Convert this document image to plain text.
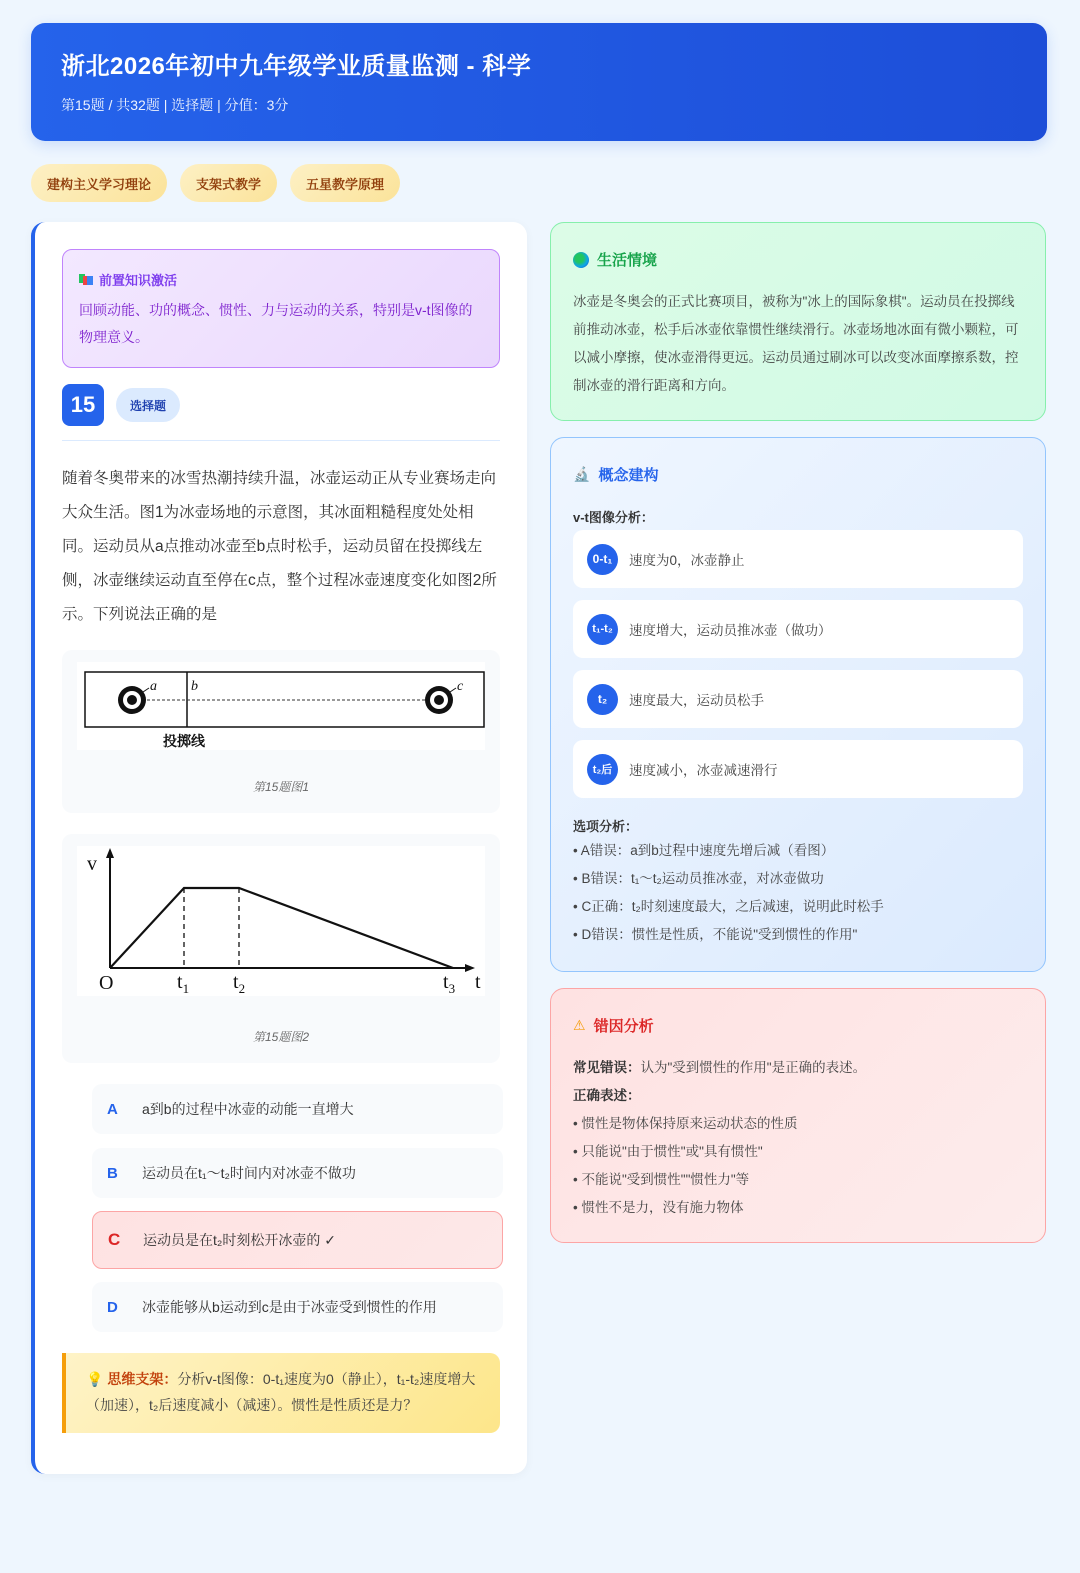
浙北2026年初中九年级学业质量监测 - 科学
第15题 / 共32题 | 选择题 | 分值：3分
建构主义学习理论	支架式教学	五星教学原理
前置知识激活
回顾动能、功的概念、惯性、力与运动的关系，特别是v-t图像的物理意义。
15	选择题
随着冬奥带来的冰雪热潮持续升温，冰壶运动正从专业赛场走向大众生活。图1为冰壶场地的示意图，其冰面粗糙程度处处相同。运动员从a点推动冰壶至b点时松手，运动员留在投掷线左侧，冰壶继续运动直至停在c点，整个过程冰壶速度变化如图2所示。下列说法正确的是
a b	c
投掷线
第15题图1
v
O	$t_1$ $t_2$	$t_3$ t
第15题图2
A	a到b的过程中冰壶的动能一直增大
B	运动员在t₁～t₂时间内对冰壶不做功
C	运动员是在t₂时刻松开冰壶的 ✓
D	冰壶能够从b运动到c是由于冰壶受到惯性的作用
💡 思维支架：分析v-t图像：0-t₁速度为0（静止），t₁-t₂速度增大（加速），t₂后速度减小（减速）。惯性是性质还是力？
生活情境
冰壶是冬奥会的正式比赛项目，被称为"冰上的国际象棋"。运动员在投掷线前推动冰壶，松手后冰壶依靠惯性继续滑行。冰壶场地冰面有微小颗粒，可以减小摩擦，使冰壶滑得更远。运动员通过刷冰可以改变冰面摩擦系数，控制冰壶的滑行距离和方向。
🔬 概念建构
v-t图像分析：
0-t₁	速度为0，冰壶静止
t₁-t₂	速度增大，运动员推冰壶（做功）
t₂	速度最大，运动员松手
t₂后	速度减小，冰壶减速滑行
选项分析：
• A错误：a到b过程中速度先增后减（看图）
• B错误：t₁～t₂运动员推冰壶，对冰壶做功
• C正确：t₂时刻速度最大，之后减速，说明此时松手
• D错误：惯性是性质，不能说"受到惯性的作用"
⚠ 错因分析
常见错误：认为"受到惯性的作用"是正确的表述。
正确表述：
• 惯性是物体保持原来运动状态的性质
• 只能说"由于惯性"或"具有惯性"
• 不能说"受到惯性""惯性力"等
• 惯性不是力，没有施力物体
